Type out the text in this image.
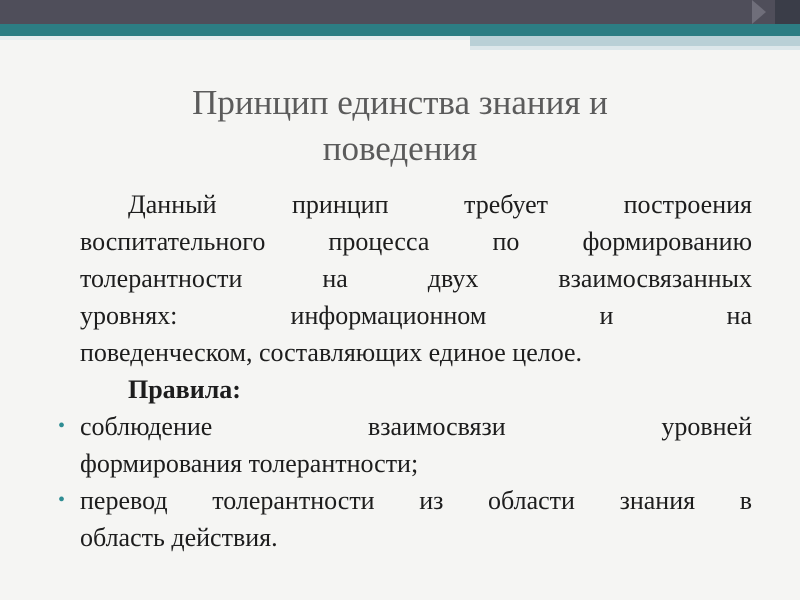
Принцип единства знания и
поведения

Данный принцип требует построения
воспитательного процесса по формированию
толерантности на двух взаимосвязанных
уровнях: информационном и на
поведенческом, составляющих единое целое.

Правила:
• соблюдение взаимосвязи уровней
формирования толерантности;
• перевод толерантности из области знания в
область действия.
